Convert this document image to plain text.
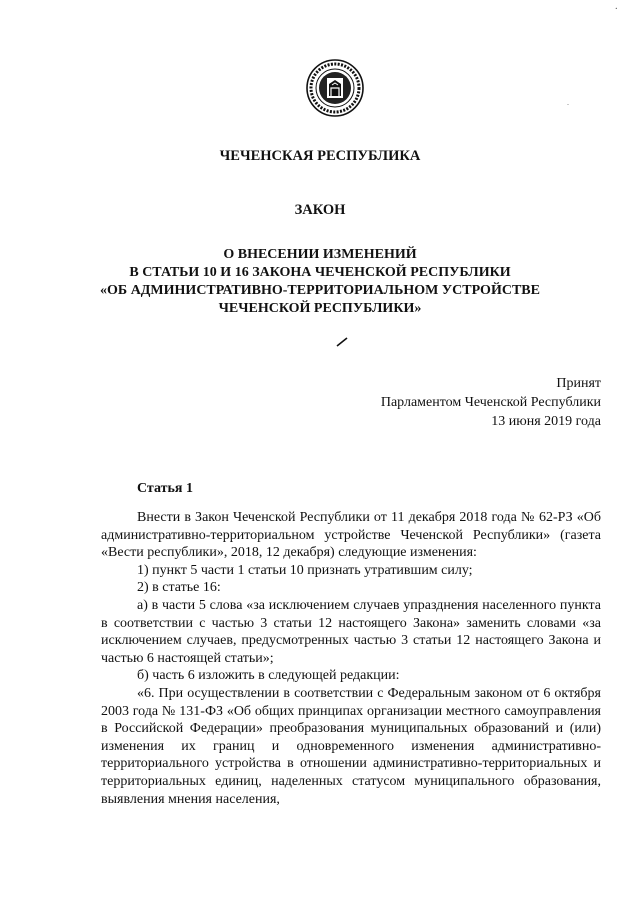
·
.
ЧЕЧЕНСКАЯ РЕСПУБЛИКА
ЗАКОН
О ВНЕСЕНИИ ИЗМЕНЕНИЙ
В СТАТЬИ 10 И 16 ЗАКОНА ЧЕЧЕНСКОЙ РЕСПУБЛИКИ
«ОБ АДМИНИСТРАТИВНО-ТЕРРИТОРИАЛЬНОМ УСТРОЙСТВЕ
ЧЕЧЕНСКОЙ РЕСПУБЛИКИ»
Принят
Парламентом Чеченской Республики
13 июня 2019 года
Статья 1

Внести в Закон Чеченской Республики от 11 декабря 2018 года № 62-РЗ «Об административно-территориальном устройстве Чеченской Республики» (газета «Вести республики», 2018, 12 декабря) следующие изменения:

1) пункт 5 части 1 статьи 10 признать утратившим силу;

2) в статье 16:

а) в части 5 слова «за исключением случаев упразднения населенного пункта в соответствии с частью 3 статьи 12 настоящего Закона» заменить словами «за исключением случаев, предусмотренных частью 3 статьи 12 настоящего Закона и частью 6 настоящей статьи»;

б) часть 6 изложить в следующей редакции:

«6. При осуществлении в соответствии с Федеральным законом от 6 октября 2003 года № 131-ФЗ «Об общих принципах организации местного самоуправления в Российской Федерации» преобразования муниципальных образований и (или) изменения их границ и одновременного изменения административно-территориального устройства в отношении административно-территориальных и территориальных единиц, наделенных статусом муниципального образования, выявления мнения населения,
